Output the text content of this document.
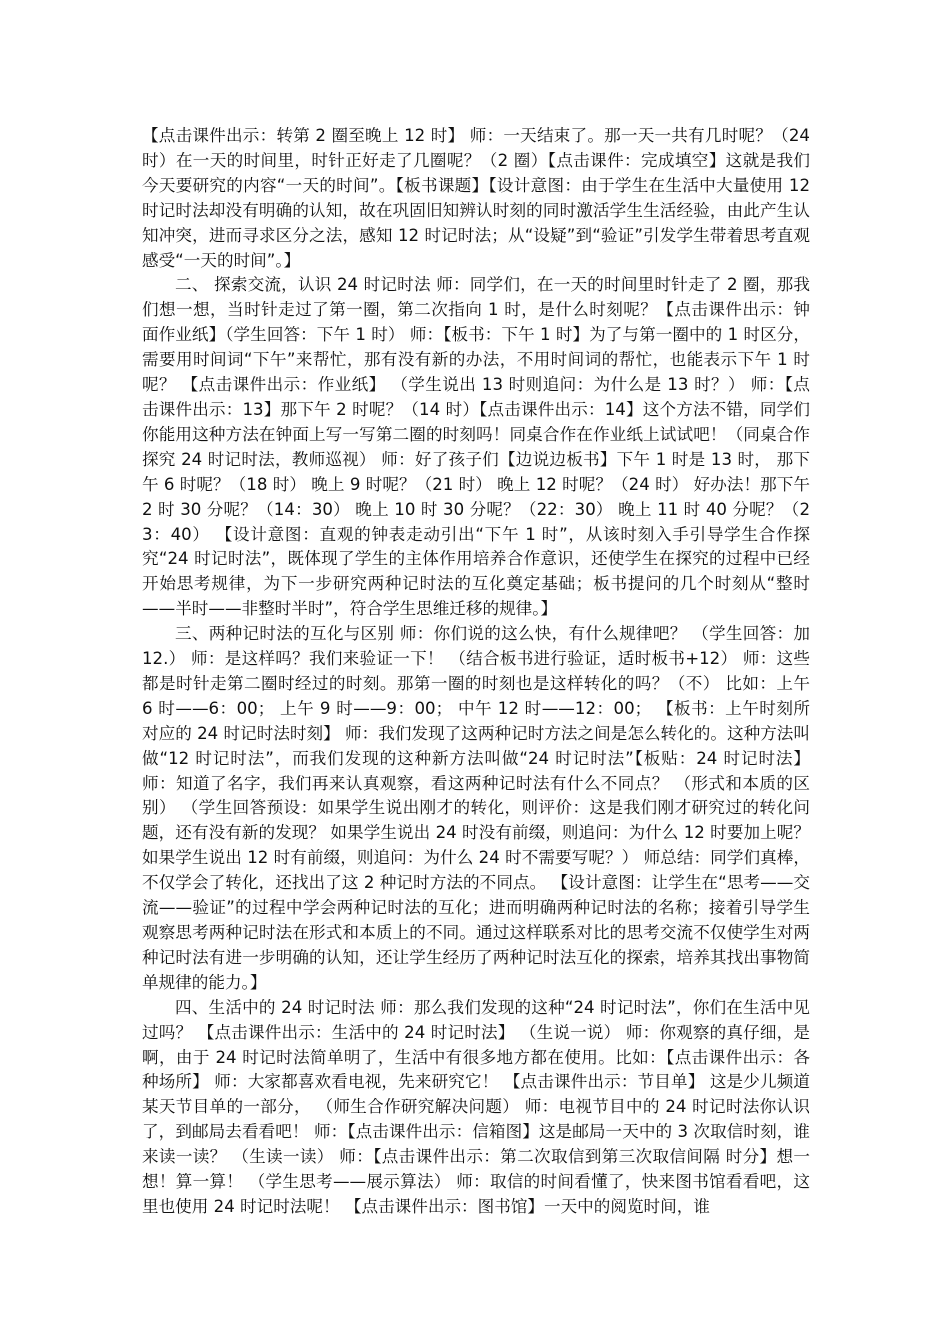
【点击课件出示：转第 2 圈至晚上 12 时】 师：一天结束了。那一天一共有几时呢？（24 时）在一天的时间里，时针正好走了几圈呢？（2 圈）【点击课件：完成填空】这就是我们今天要研究的内容“一天的时间”。【板书课题】【设计意图：由于学生在生活中大量使用 12 时记时法却没有明确的认知，故在巩固旧知辨认时刻的同时激活学生生活经验，由此产生认知冲突，进而寻求区分之法，感知 12 时记时法；从“设疑”到“验证”引发学生带着思考直观感受“一天的时间”。】

二、 探索交流，认识 24 时记时法 师：同学们，在一天的时间里时针走了 2 圈，那我们想一想，当时针走过了第一圈，第二次指向 1 时，是什么时刻呢？【点击课件出示：钟面作业纸】（学生回答：下午 1 时） 师：【板书：下午 1 时】为了与第一圈中的 1 时区分，需要用时间词“下午”来帮忙，那有没有新的办法，不用时间词的帮忙，也能表示下午 1 时呢？ 【点击课件出示：作业纸】 （学生说出 13 时则追问：为什么是 13 时？） 师：【点击课件出示：13】那下午 2 时呢？（14 时）【点击课件出示：14】这个方法不错，同学们你能用这种方法在钟面上写一写第二圈的时刻吗！同桌合作在作业纸上试试吧！（同桌合作探究 24 时记时法，教师巡视） 师：好了孩子们【边说边板书】下午 1 时是 13 时， 那下午 6 时呢？（18 时） 晚上 9 时呢？（21 时） 晚上 12 时呢？（24 时） 好办法！那下午 2 时 30 分呢？（14：30） 晚上 10 时 30 分呢？（22：30） 晚上 11 时 40 分呢？（23：40） 【设计意图：直观的钟表走动引出“下午 1 时”，从该时刻入手引导学生合作探究“24 时记时法”，既体现了学生的主体作用培养合作意识，还使学生在探究的过程中已经开始思考规律，为下一步研究两种记时法的互化奠定基础；板书提问的几个时刻从“整时——半时——非整时半时”，符合学生思维迁移的规律。】

三、两种记时法的互化与区别 师：你们说的这么快，有什么规律吧？ （学生回答：加 12.） 师：是这样吗？我们来验证一下！ （结合板书进行验证，适时板书+12） 师：这些都是时针走第二圈时经过的时刻。那第一圈的时刻也是这样转化的吗？（不） 比如：上午 6 时——6：00； 上午 9 时——9：00； 中午 12 时——12：00； 【板书：上午时刻所对应的 24 时记时法时刻】 师：我们发现了这两种记时方法之间是怎么转化的。这种方法叫做“12 时记时法”，而我们发现的这种新方法叫做“24 时记时法”【板贴：24 时记时法】 师：知道了名字，我们再来认真观察，看这两种记时法有什么不同点？ （形式和本质的区别） （学生回答预设：如果学生说出刚才的转化，则评价：这是我们刚才研究过的转化问题，还有没有新的发现？ 如果学生说出 24 时没有前缀，则追问：为什么 12 时要加上呢？ 如果学生说出 12 时有前缀，则追问：为什么 24 时不需要写呢？） 师总结：同学们真棒，不仅学会了转化，还找出了这 2 种记时方法的不同点。 【设计意图：让学生在“思考——交流——验证”的过程中学会两种记时法的互化；进而明确两种记时法的名称；接着引导学生观察思考两种记时法在形式和本质上的不同。通过这样联系对比的思考交流不仅使学生对两种记时法有进一步明确的认知，还让学生经历了两种记时法互化的探索，培养其找出事物简单规律的能力。】

四、生活中的 24 时记时法 师：那么我们发现的这种“24 时记时法”，你们在生活中见过吗？ 【点击课件出示：生活中的 24 时记时法】 （生说一说） 师：你观察的真仔细，是啊，由于 24 时记时法简单明了，生活中有很多地方都在使用。比如：【点击课件出示：各种场所】 师：大家都喜欢看电视，先来研究它！ 【点击课件出示：节目单】 这是少儿频道某天节目单的一部分， （师生合作研究解决问题） 师：电视节目中的 24 时记时法你认识了，到邮局去看看吧！ 师：【点击课件出示：信箱图】这是邮局一天中的 3 次取信时刻，谁来读一读？ （生读一读） 师：【点击课件出示：第二次取信到第三次取信间隔 时分】想一想！算一算！ （学生思考——展示算法） 师：取信的时间看懂了，快来图书馆看看吧，这里也使用 24 时记时法呢！ 【点击课件出示：图书馆】一天中的阅览时间，谁
